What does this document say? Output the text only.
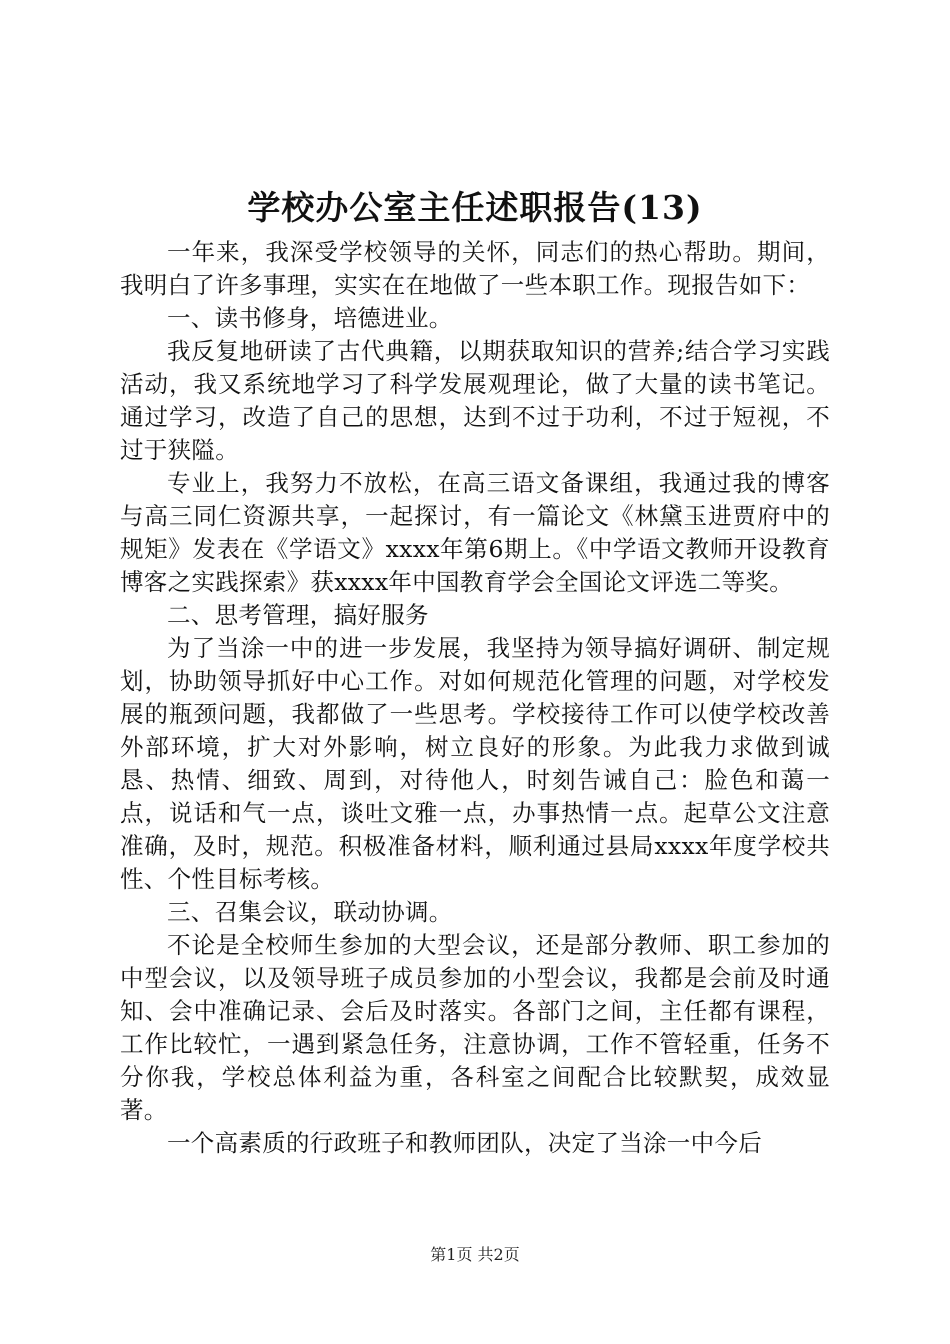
学校办公室主任述职报告(13)

一年来，我深受学校领导的关怀，同志们的热心帮助。期间，我明白了许多事理，实实在在地做了一些本职工作。现报告如下：

一、读书修身，培德进业。

我反复地研读了古代典籍，以期获取知识的营养;结合学习实践活动，我又系统地学习了科学发展观理论，做了大量的读书笔记。通过学习，改造了自己的思想，达到不过于功利，不过于短视，不过于狭隘。

专业上，我努力不放松，在高三语文备课组，我通过我的博客与高三同仁资源共享，一起探讨，有一篇论文《林黛玉进贾府中的规矩》发表在《学语文》xxxx年第6期上。《中学语文教师开设教育博客之实践探索》获xxxx年中国教育学会全国论文评选二等奖。

二、思考管理，搞好服务

为了当涂一中的进一步发展，我坚持为领导搞好调研、制定规划，协助领导抓好中心工作。对如何规范化管理的问题，对学校发展的瓶颈问题，我都做了一些思考。学校接待工作可以使学校改善外部环境，扩大对外影响，树立良好的形象。为此我力求做到诚恳、热情、细致、周到，对待他人，时刻告诫自己：脸色和蔼一点，说话和气一点，谈吐文雅一点，办事热情一点。起草公文注意准确，及时，规范。积极准备材料，顺利通过县局xxxx年度学校共性、个性目标考核。

三、召集会议，联动协调。

不论是全校师生参加的大型会议，还是部分教师、职工参加的中型会议，以及领导班子成员参加的小型会议，我都是会前及时通知、会中准确记录、会后及时落实。各部门之间，主任都有课程，工作比较忙，一遇到紧急任务，注意协调，工作不管轻重，任务不分你我，学校总体利益为重，各科室之间配合比较默契，成效显著。

一个高素质的行政班子和教师团队，决定了当涂一中今后

第1页 共2页
